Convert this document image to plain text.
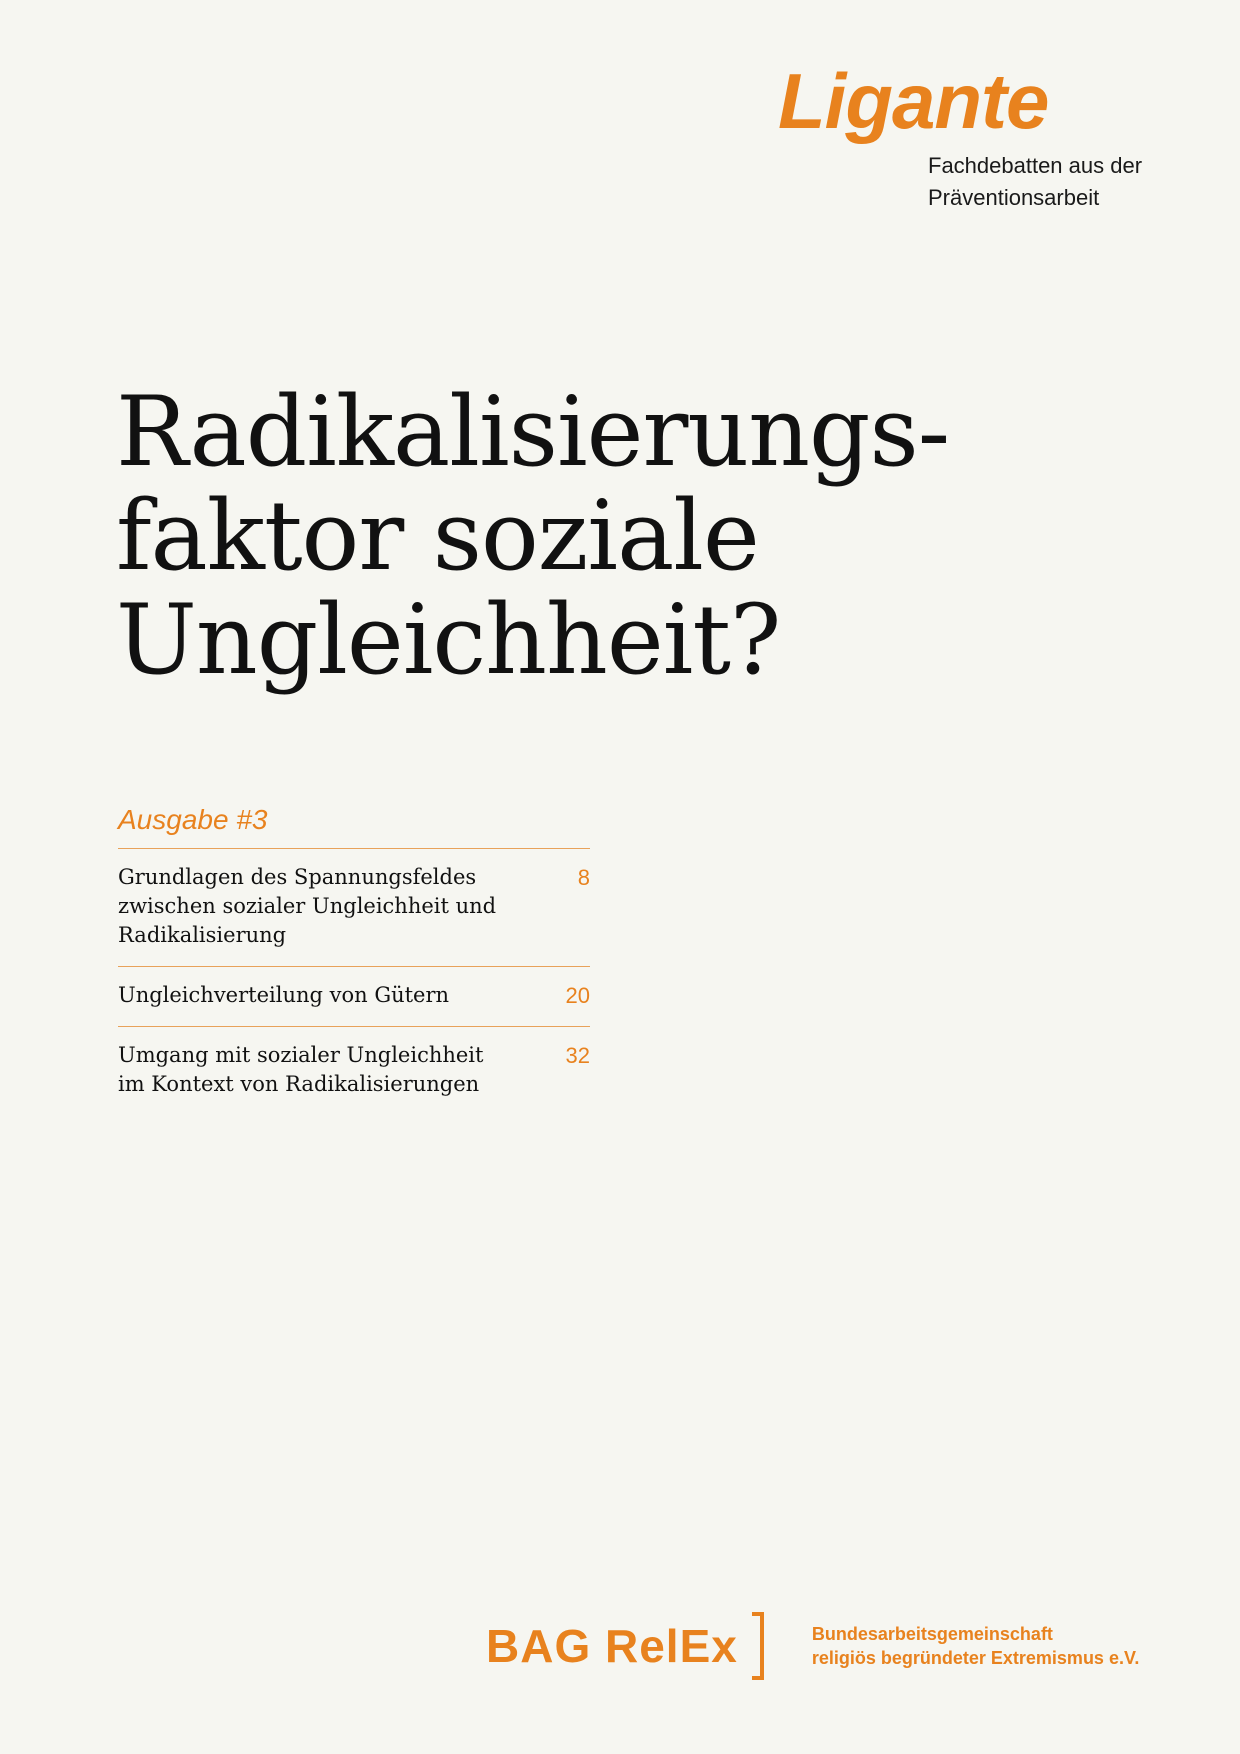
Ligante
Fachdebatten aus der
Präventionsarbeit
Radikalisierungs-
faktor soziale
Ungleichheit?
Ausgabe #3
Grundlagen des Spannungsfeldes
zwischen sozialer Ungleichheit und
Radikalisierung
8
Ungleichverteilung von Gütern	20
Umgang mit sozialer Ungleichheit
im Kontext von Radikalisierungen
32
BAG RelEx	Bundesarbeitsgemeinschaft
religiös begründeter Extremismus e.V.
